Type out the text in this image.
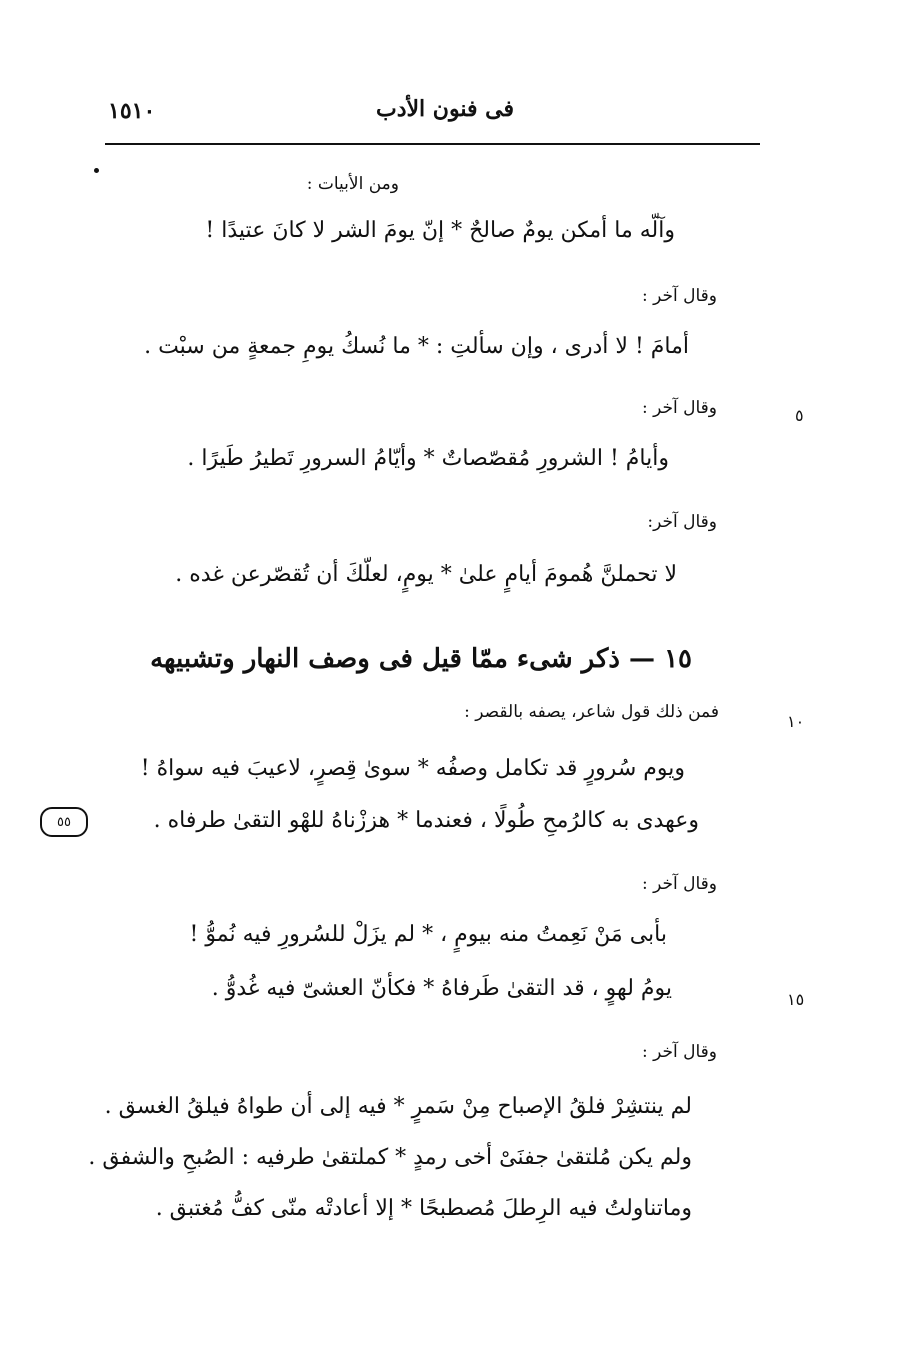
فى فنون الأدب
١٥١٠
ومن الأبيات :
وآلّه ما أمكن يومٌ صالحٌ * إنّ يومَ الشر لا كانَ عتيدًا !
وقال آخر :
أمامَ ! لا أدرى ، وإن سألتِ : * ما نُسكُ يومِ جمعةٍ من سبْت .
وقال آخر :	٥
وأيامُ ! الشرورِ مُقصّصاتٌ * وأيّامُ السرورِ تَطيرُ طَيرًا .
وقال آخر:
لا تحملنَّ هُمومَ أيامٍ علىٰ * يومٍ، لعلّكَ أن تُقصّرعن غده .
١٥ — ذكر شىء ممّا قيل فى وصف النهار وتشبيهه
فمن ذلك قول شاعر، يصفه بالقصر :	١٠
ويوم سُرورٍ قد تكامل وصفُه * سوىٰ قِصرٍ، لاعيبَ فيه سواهُ !
وعهدى به كالرُمحِ طُولًا ، فعندما * هززْناهُ للهْو التقىٰ طرفاه .
٥٥
وقال آخر :
بأبى مَنْ نَعِمتُ منه بيومٍ ، * لم يزَلْ للسُرورِ فيه نُموُّ !
يومُ لهوٍ ، قد التقىٰ طَرفاهُ * فكأنّ العشىّ فيه غُدوُّ .	١٥
وقال آخر :
لم ينتشِرْ فلقُ الإصباح مِنْ سَمرٍ * فيه إلى أن طواهُ فيلقُ الغسق .
ولم يكن مُلتقىٰ جفنَىْ أخى رمدٍ * كملتقىٰ طرفيه : الصُبحِ والشفق .
وماتناولتُ فيه الرِطلَ مُصطبحًا * إلا أعادتْه منّى كفُّ مُغتبق .
